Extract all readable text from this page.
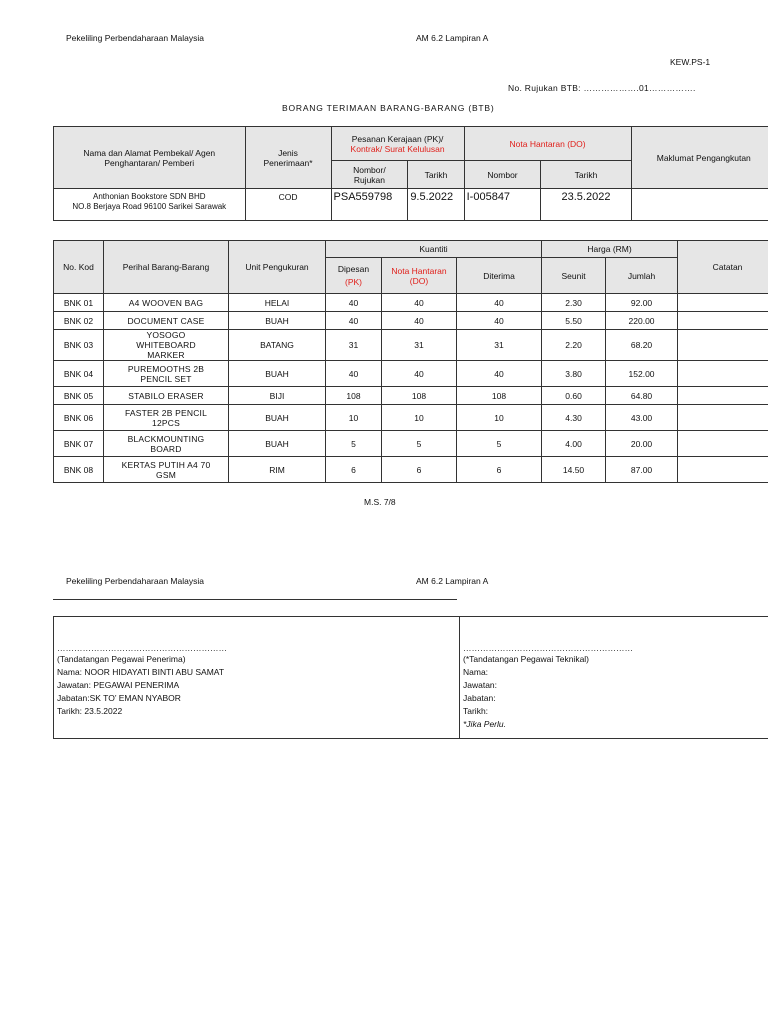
Pekeliling Perbendaharaan Malaysia	AM 6.2 Lampiran A
KEW.PS-1
No. Rujukan BTB: ……………….01…………….
BORANG TERIMAAN BARANG-BARANG (BTB)
Nama dan Alamat Pembekal/ Agen Penghantaran/ Pemberi	Jenis Penerimaan*	Pesanan Kerajaan (PK)/
Kontrak/ Surat Kelulusan		Nota Hantaran (DO)		Maklumat Pengangkutan
		Nombor/ Rujukan	Tarikh	Nombor	Tarikh	

Anthonian Bookstore SDN BHD
NO.8 Berjaya Road 96100 Sarikei Sarawak	COD	PSA559798	9.5.2022	I-005847	23.5.2022	
No. Kod	Perihal Barang-Barang	Unit Pengukuran	Kuantiti			Harga (RM)		Catatan

			Dipesan
(PK)	Nota Hantaran (DO)	Diterima	Seunit	Jumlah	
BNK 01	A4 WOOVEN BAG	HELAI	40	40	40	2.30	92.00	
BNK 02	DOCUMENT CASE	BUAH	40	40	40	5.50	220.00	
BNK 03	YOSOGO WHITEBOARD MARKER	BATANG	31	31	31	2.20	68.20	
BNK 04	PUREMOOTHS 2B PENCIL SET	BUAH	40	40	40	3.80	152.00	
BNK 05	STABILO ERASER	BIJI	108	108	108	0.60	64.80	
BNK 06	FASTER 2B PENCIL 12PCS	BUAH	10	10	10	4.30	43.00	
BNK 07	BLACKMOUNTING BOARD	BUAH	5	5	5	4.00	20.00	
BNK 08	KERTAS PUTIH A4 70 GSM	RIM	6	6	6	14.50	87.00	
M.S. 7/8
Pekeliling Perbendaharaan Malaysia	AM 6.2 Lampiran A
……………………………………………………
(Tandatangan Pegawai Penerima)
Nama: NOOR HIDAYATI BINTI ABU SAMAT
Jawatan: PEGAWAI PENERIMA
Jabatan:SK TO’ EMAN NYABOR
Tarikh: 23.5.2022
……………………………………………………
(*Tandatangan Pegawai Teknikal)
Nama:
Jawatan:
Jabatan:
Tarikh:
*Jika Perlu.
